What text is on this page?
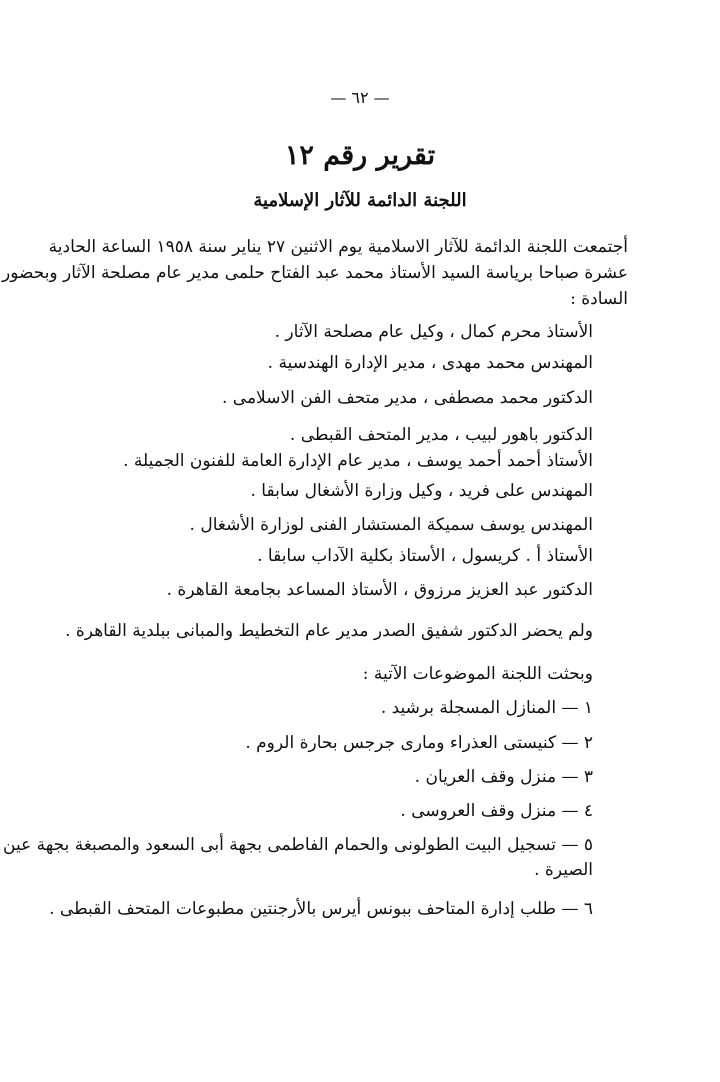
— ٦٢ —
تقرير رقم ١٢
اللجنة الدائمة للآثار الإسلامية
أجتمعت اللجنة الدائمة للآثار الاسلامية يوم الاثنين ٢٧ يناير سنة ١٩٥٨ الساعة الحادية
عشرة صباحا برياسة السيد الأستاذ محمد عبد الفتاح حلمى مدير عام مصلحة الآثار وبحضور
السادة :
الأستاذ محرم كمال ، وكيل عام مصلحة الآثار .
المهندس محمد مهدى ، مدير الإدارة الهندسية .
الدكتور محمد مصطفى ، مدير متحف الفن الاسلامى .
الدكتور باهور لبيب ، مدير المتحف القبطى .
الأستاذ أحمد أحمد يوسف ، مدير عام الإدارة العامة للفنون الجميلة .
المهندس على فريد ، وكيل وزارة الأشغال سابقا .
المهندس يوسف سميكة المستشار الفنى لوزارة الأشغال .
الأستاذ أ . كريسول ، الأستاذ بكلية الآداب سابقا .
الدكتور عبد العزيز مرزوق ، الأستاذ المساعد بجامعة القاهرة .
ولم يحضر الدكتور شفيق الصدر مدير عام التخطيط والمبانى ببلدية القاهرة .
وبحثت اللجنة الموضوعات الآتية :
١ — المنازل المسجلة برشيد .
٢ — كنيستى العذراء ومارى جرجس بحارة الروم .
٣ — منزل وقف العريان .
٤ — منزل وقف العروسى .
٥ — تسجيل البيت الطولونى والحمام الفاطمى بجهة أبى السعود والمصبغة بجهة عين
الصيرة .
٦ — طلب إدارة المتاحف ببونس أيرس بالأرجنتين مطبوعات المتحف القبطى .
